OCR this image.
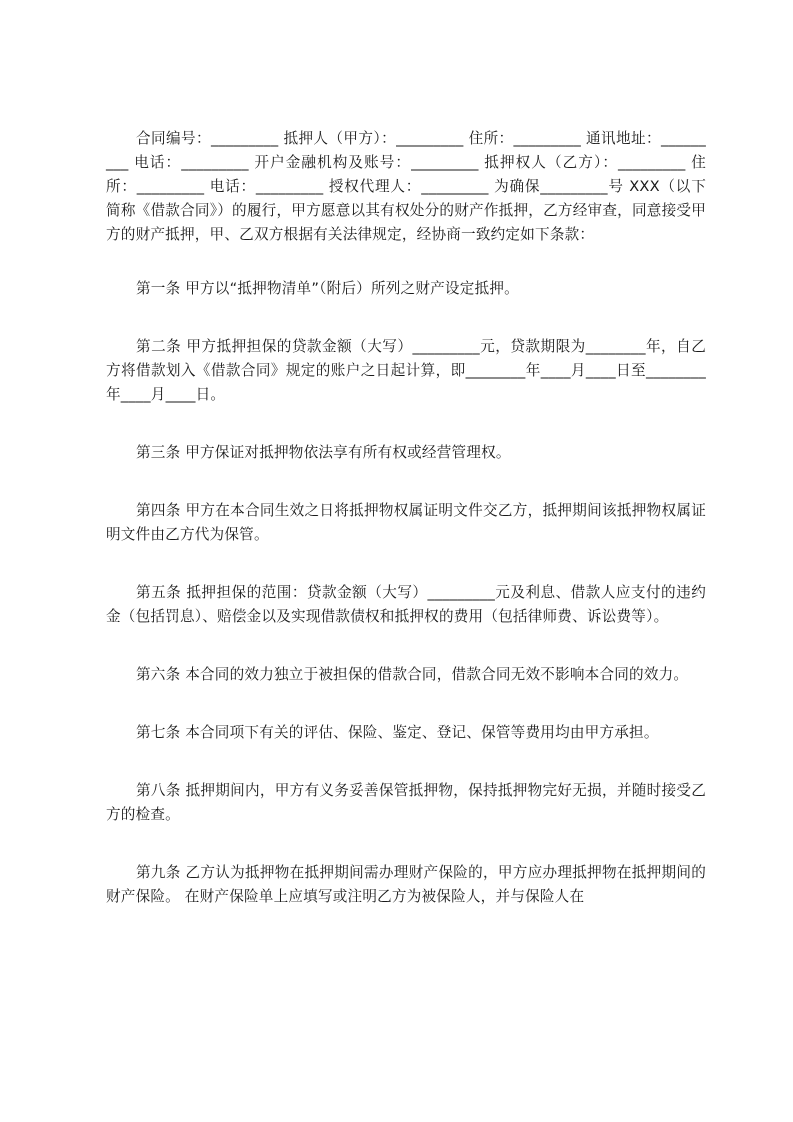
合同编号：_________ 抵押人（甲方）：_________ 住所：_________ 通讯地址：_________ 电话：_________ 开户金融机构及账号：_________ 抵押权人（乙方）：_________ 住所：_________ 电话：_________ 授权代理人：_________ 为确保_________号 XXX（以下简称《借款合同》）的履行，甲方愿意以其有权处分的财产作抵押，乙方经审查，同意接受甲方的财产抵押，甲、乙双方根据有关法律规定，经协商一致约定如下条款：

第一条 甲方以“抵押物清单”（附后）所列之财产设定抵押。

第二条 甲方抵押担保的贷款金额（大写）_________元，贷款期限为________年，自乙方将借款划入《借款合同》规定的账户之日起计算，即________年____月____日至________年____月____日。

第三条 甲方保证对抵押物依法享有所有权或经营管理权。

第四条 甲方在本合同生效之日将抵押物权属证明文件交乙方，抵押期间该抵押物权属证明文件由乙方代为保管。

第五条 抵押担保的范围：贷款金额（大写）_________元及利息、借款人应支付的违约金（包括罚息）、赔偿金以及实现借款债权和抵押权的费用（包括律师费、诉讼费等）。

第六条 本合同的效力独立于被担保的借款合同，借款合同无效不影响本合同的效力。

第七条 本合同项下有关的评估、保险、鉴定、登记、保管等费用均由甲方承担。

第八条 抵押期间内，甲方有义务妥善保管抵押物，保持抵押物完好无损，并随时接受乙方的检查。

第九条 乙方认为抵押物在抵押期间需办理财产保险的，甲方应办理抵押物在抵押期间的财产保险。 在财产保险单上应填写或注明乙方为被保险人，并与保险人在
